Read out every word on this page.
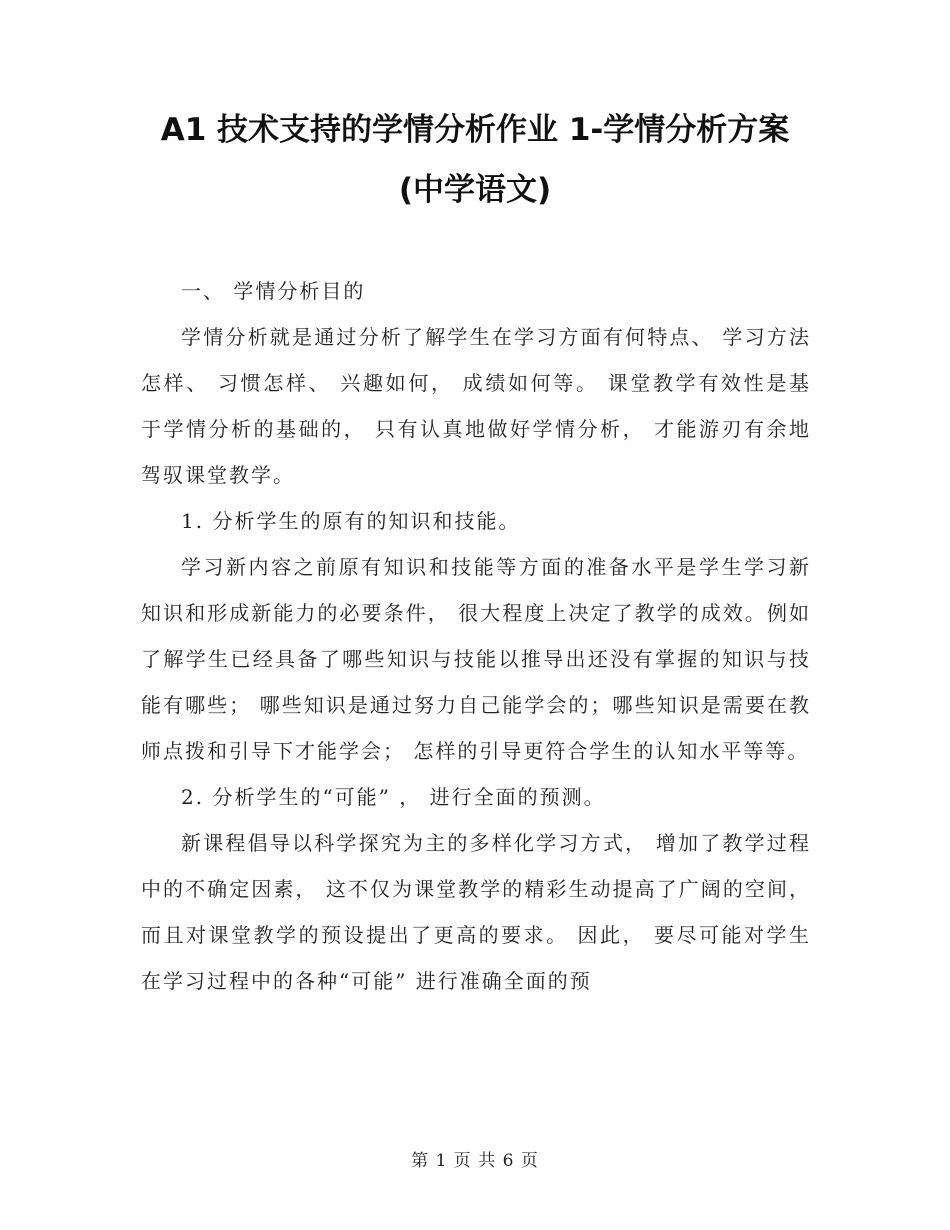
A1 技术支持的学情分析作业 1-学情分析方案
(中学语文)

一、 学情分析目的

学情分析就是通过分析了解学生在学习方面有何特点、 学习方法怎样、 习惯怎样、 兴趣如何， 成绩如何等。 课堂教学有效性是基于学情分析的基础的， 只有认真地做好学情分析， 才能游刃有余地驾驭课堂教学。

1. 分析学生的原有的知识和技能。

学习新内容之前原有知识和技能等方面的准备水平是学生学习新知识和形成新能力的必要条件， 很大程度上决定了教学的成效。例如了解学生已经具备了哪些知识与技能以推导出还没有掌握的知识与技能有哪些； 哪些知识是通过努力自己能学会的；哪些知识是需要在教师点拨和引导下才能学会； 怎样的引导更符合学生的认知水平等等。

2. 分析学生的“可能” ， 进行全面的预测。

新课程倡导以科学探究为主的多样化学习方式， 增加了教学过程中的不确定因素， 这不仅为课堂教学的精彩生动提高了广阔的空间， 而且对课堂教学的预设提出了更高的要求。 因此， 要尽可能对学生在学习过程中的各种“可能” 进行准确全面的预

第 1 页 共 6 页
